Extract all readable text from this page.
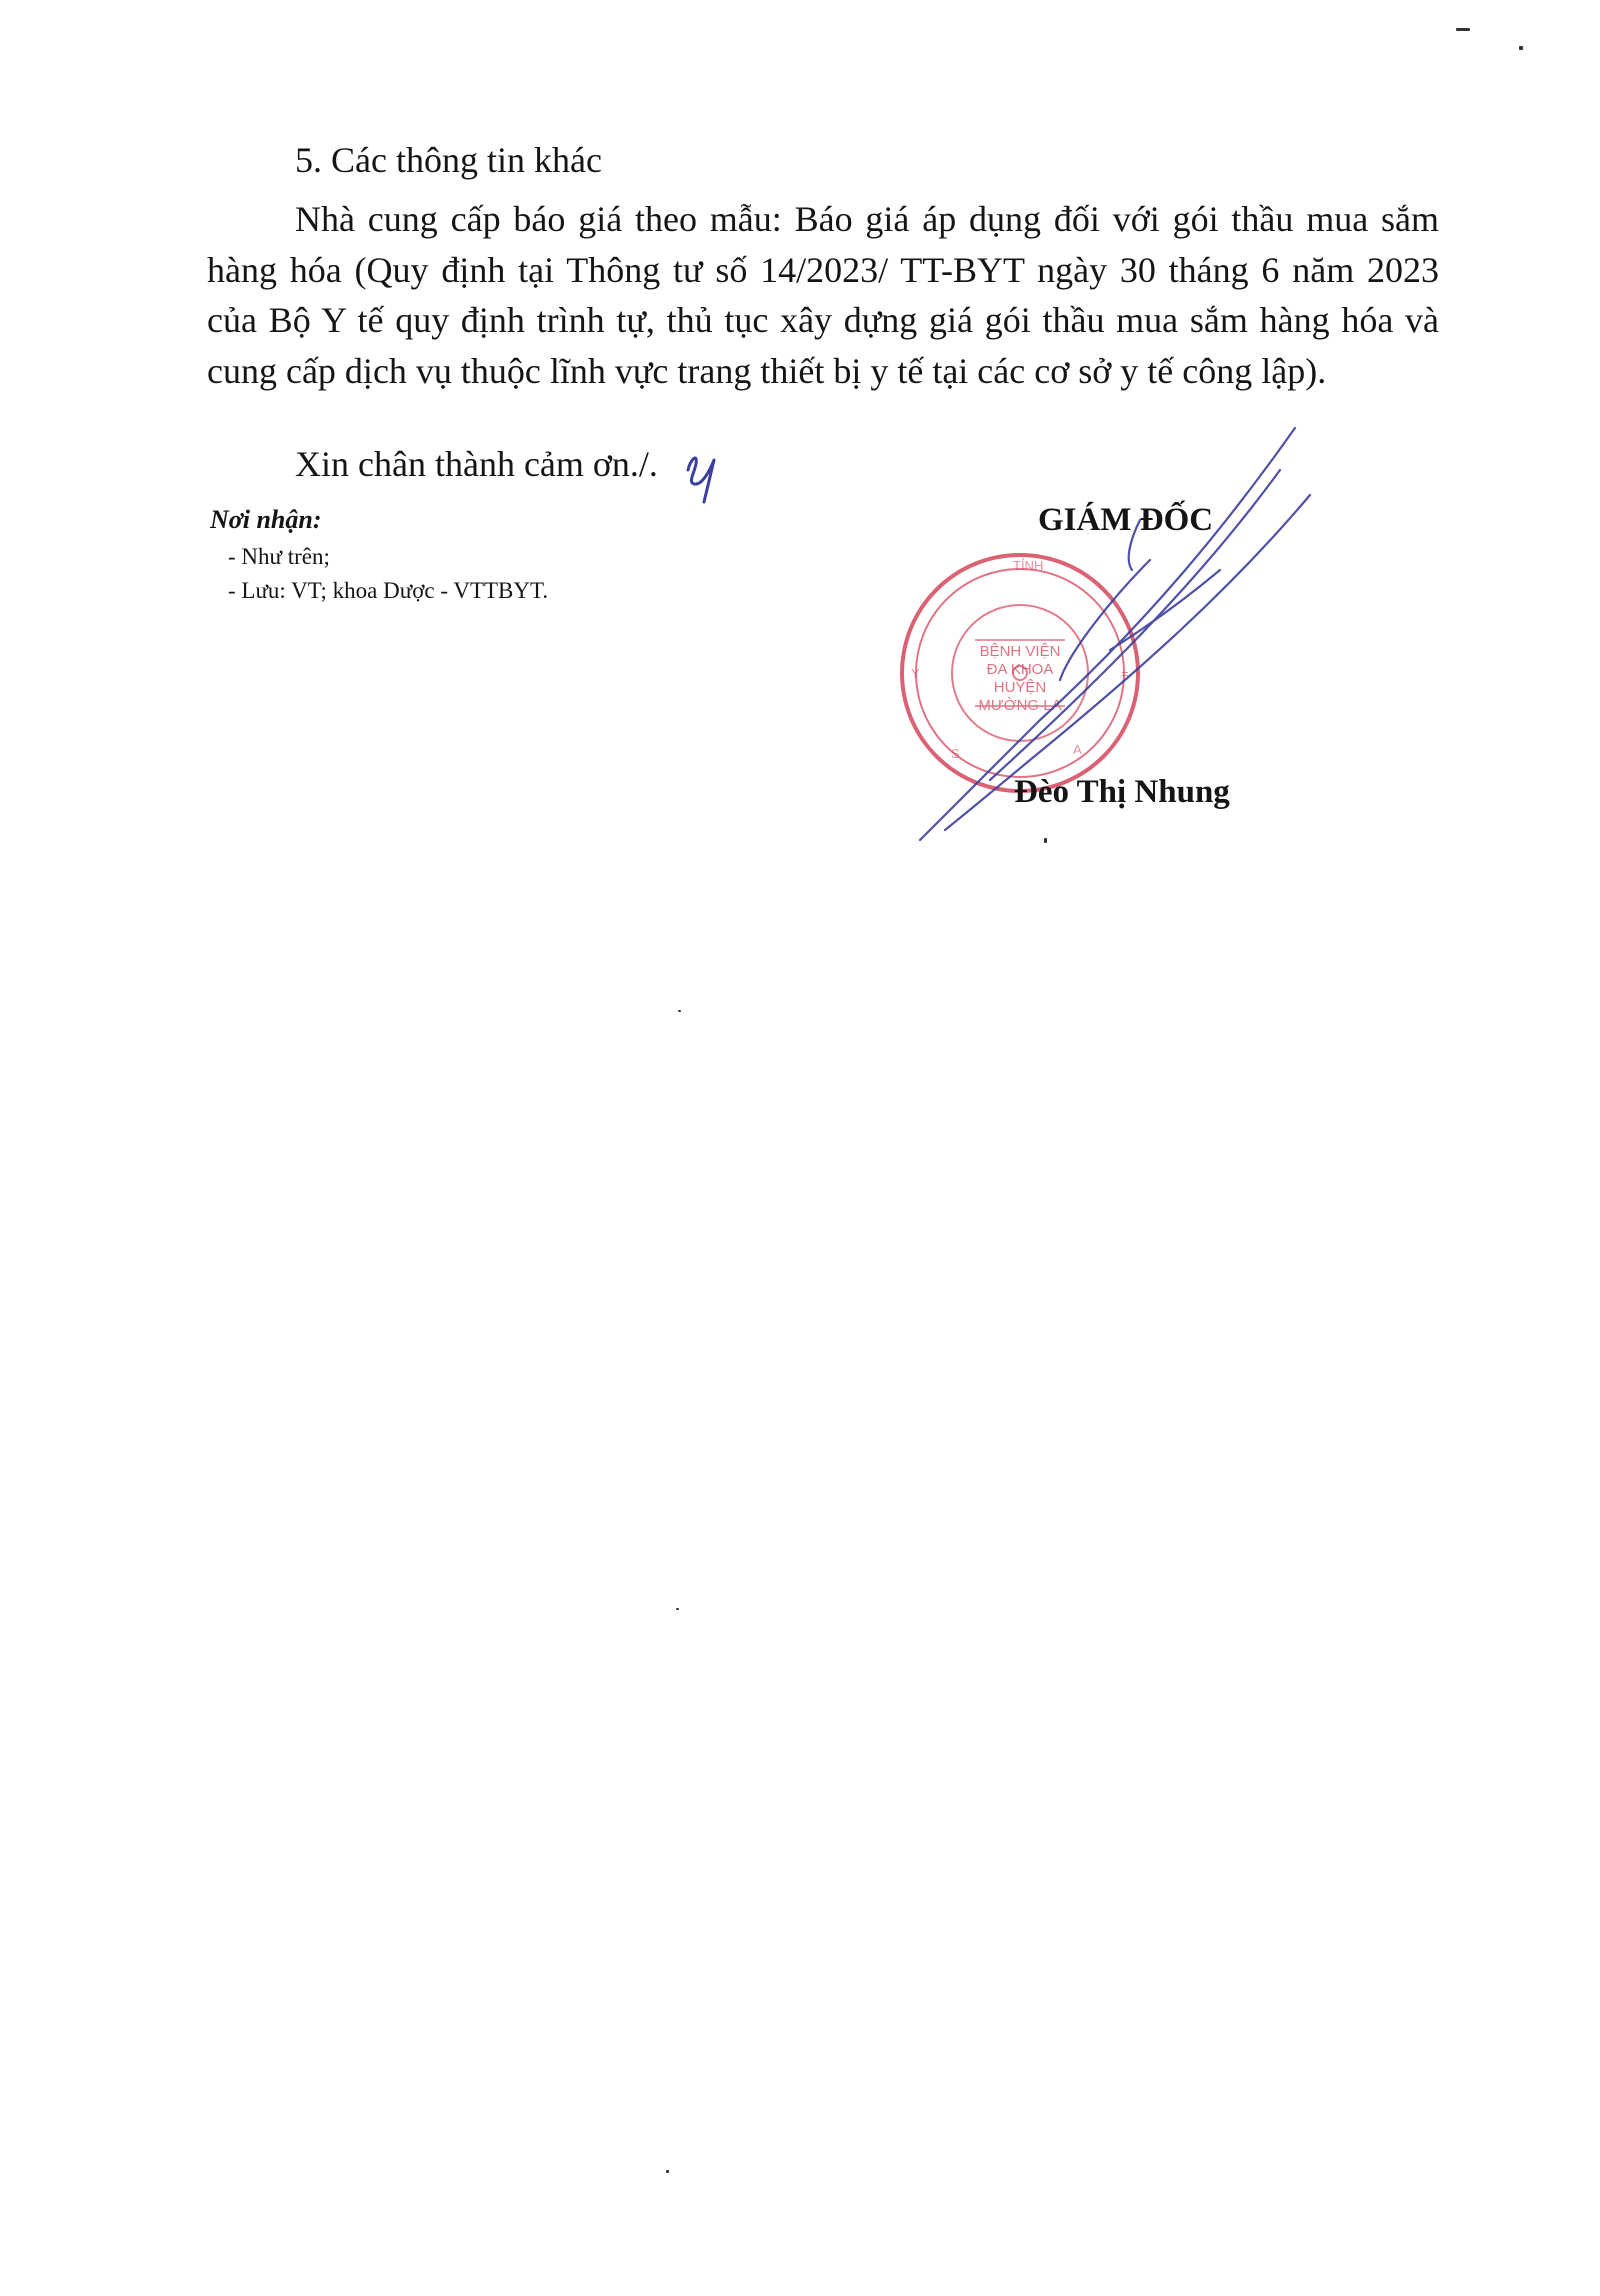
5. Các thông tin khác

Nhà cung cấp báo giá theo mẫu: Báo giá áp dụng đối với gói thầu mua sắm hàng hóa (Quy định tại Thông tư số 14/2023/ TT-BYT ngày 30 tháng 6 năm 2023 của Bộ Y tế quy định trình tự, thủ tục xây dựng giá gói thầu mua sắm hàng hóa và cung cấp dịch vụ thuộc lĩnh vực trang thiết bị y tế tại các cơ sở y tế công lập).

Xin chân thành cảm ơn./.
Nơi nhận:
- Như trên;
- Lưu: VT; khoa Dược - VTTBYT.
GIÁM ĐỐC
BỆNH VIỆN
ĐA KHOA
HUYỆN
MƯỜNG LA
TỈNH
Y	=
S	A
Đèo Thị Nhung
